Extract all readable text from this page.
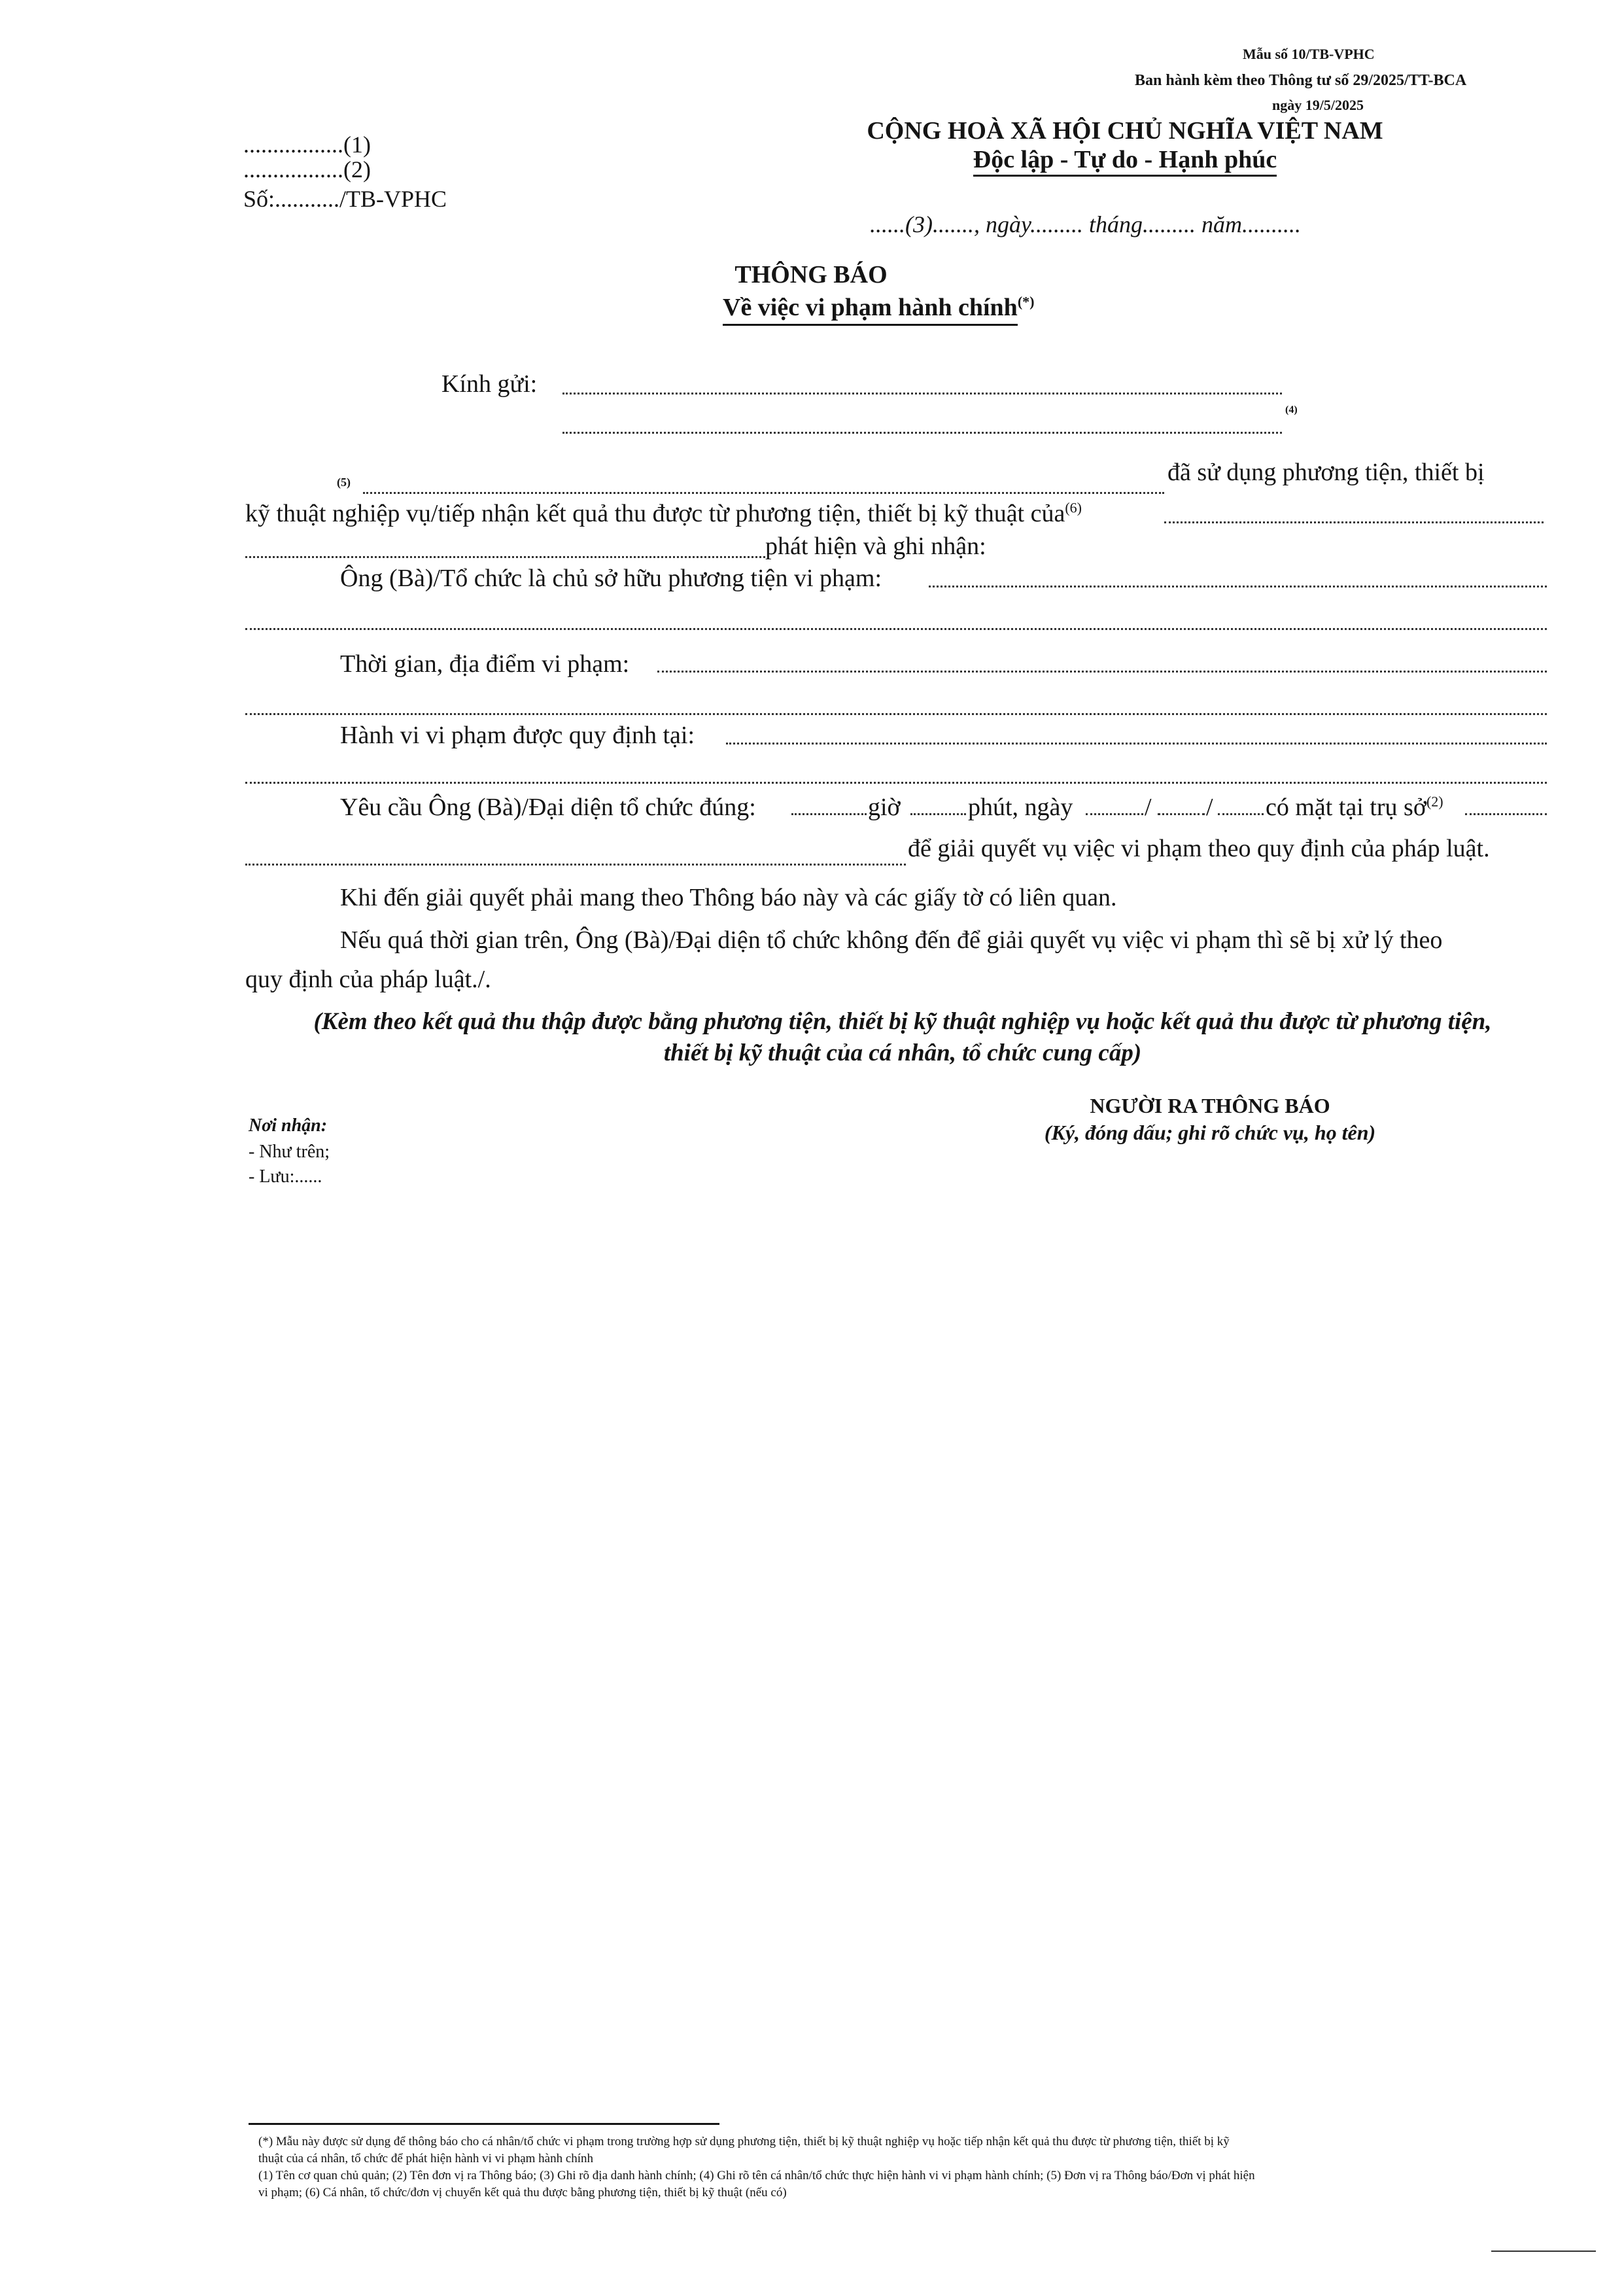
Mẫu số 10/TB-VPHC
Ban hành kèm theo Thông tư số 29/2025/TT-BCA
ngày 19/5/2025
CỘNG HOÀ XÃ HỘI CHỦ NGHĨA VIỆT NAM
Độc lập - Tự do - Hạnh phúc
......(3)......., ngày......... tháng......... năm..........
.................(1)
.................(2)
Số:.........../TB-VPHC
THÔNG BÁO
Về việc vi phạm hành chính(*)
Kính gửi:
(4)
(5)	đã sử dụng phương tiện, thiết bị
kỹ thuật nghiệp vụ/tiếp nhận kết quả thu được từ phương tiện, thiết bị kỹ thuật của$^{(6)}$
phát hiện và ghi nhận:
Ông (Bà)/Tổ chức là chủ sở hữu phương tiện vi phạm:
Thời gian, địa điểm vi phạm:
Hành vi vi phạm được quy định tại:
Yêu cầu Ông (Bà)/Đại diện tổ chức đúng:	giờ	phút, ngày	/ / có mặt tại trụ sở$^{(2)}$
để giải quyết vụ việc vi phạm theo quy định của pháp luật.
Khi đến giải quyết phải mang theo Thông báo này và các giấy tờ có liên quan.
Nếu quá thời gian trên, Ông (Bà)/Đại diện tổ chức không đến để giải quyết vụ việc vi phạm thì sẽ bị xử lý theo
quy định của pháp luật./.
(Kèm theo kết quả thu thập được bằng phương tiện, thiết bị kỹ thuật nghiệp vụ hoặc kết quả thu được từ phương tiện,
thiết bị kỹ thuật của cá nhân, tổ chức cung cấp)
Nơi nhận:
- Như trên;
- Lưu:......
NGƯỜI RA THÔNG BÁO
(Ký, đóng dấu; ghi rõ chức vụ, họ tên)
(*) Mẫu này được sử dụng để thông báo cho cá nhân/tổ chức vi phạm trong trường hợp sử dụng phương tiện, thiết bị kỹ thuật nghiệp vụ hoặc tiếp nhận kết quả thu được từ phương tiện, thiết bị kỹ
thuật của cá nhân, tổ chức để phát hiện hành vi vi phạm hành chính
(1) Tên cơ quan chủ quản; (2) Tên đơn vị ra Thông báo; (3) Ghi rõ địa danh hành chính; (4) Ghi rõ tên cá nhân/tổ chức thực hiện hành vi vi phạm hành chính; (5) Đơn vị ra Thông báo/Đơn vị phát hiện
vi phạm; (6) Cá nhân, tổ chức/đơn vị chuyển kết quả thu được bằng phương tiện, thiết bị kỹ thuật (nếu có)
